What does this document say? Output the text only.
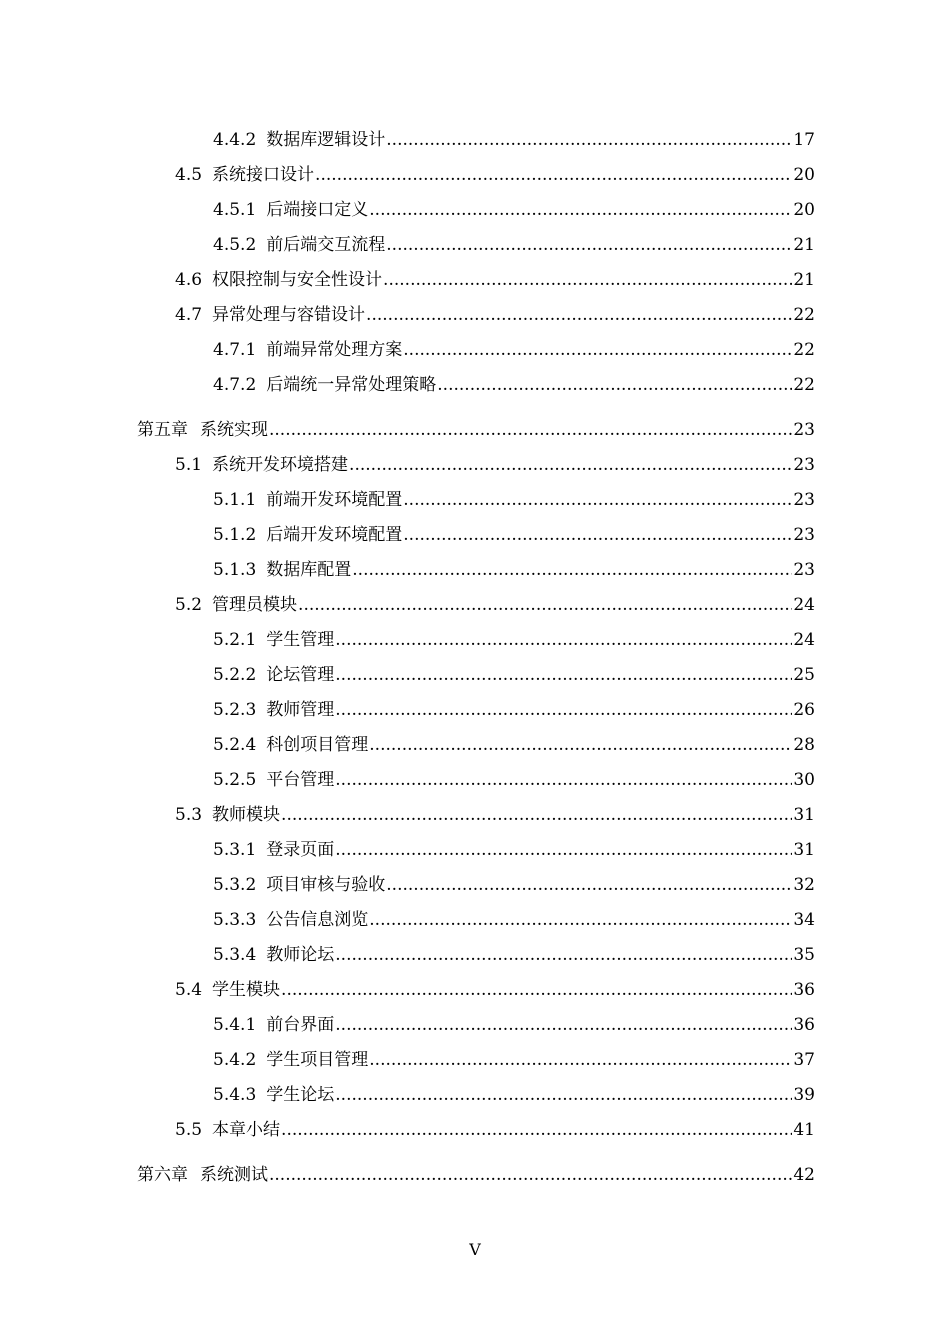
4.4.2 数据库逻辑设计 .....	17
4.5 系统接口设计 .....	20
4.5.1 后端接口定义 .....	20
4.5.2 前后端交互流程 .....	21
4.6 权限控制与安全性设计 .....	21
4.7 异常处理与容错设计 .....	22
4.7.1 前端异常处理方案 .....	22
4.7.2 后端统一异常处理策略 .....	22
第五章 系统实现 .....	23
5.1 系统开发环境搭建 .....	23
5.1.1 前端开发环境配置 .....	23
5.1.2 后端开发环境配置 .....	23
5.1.3 数据库配置 .....	23
5.2 管理员模块 .....	24
5.2.1 学生管理 .....	24
5.2.2 论坛管理 .....	25
5.2.3 教师管理 .....	26
5.2.4 科创项目管理 .....	28
5.2.5 平台管理 .....	30
5.3 教师模块 .....	31
5.3.1 登录页面 .....	31
5.3.2 项目审核与验收 .....	32
5.3.3 公告信息浏览 .....	34
5.3.4 教师论坛 .....	35
5.4 学生模块 .....	36
5.4.1 前台界面 .....	36
5.4.2 学生项目管理 .....	37
5.4.3 学生论坛 .....	39
5.5 本章小结 .....	41
第六章 系统测试 .....	42
V
